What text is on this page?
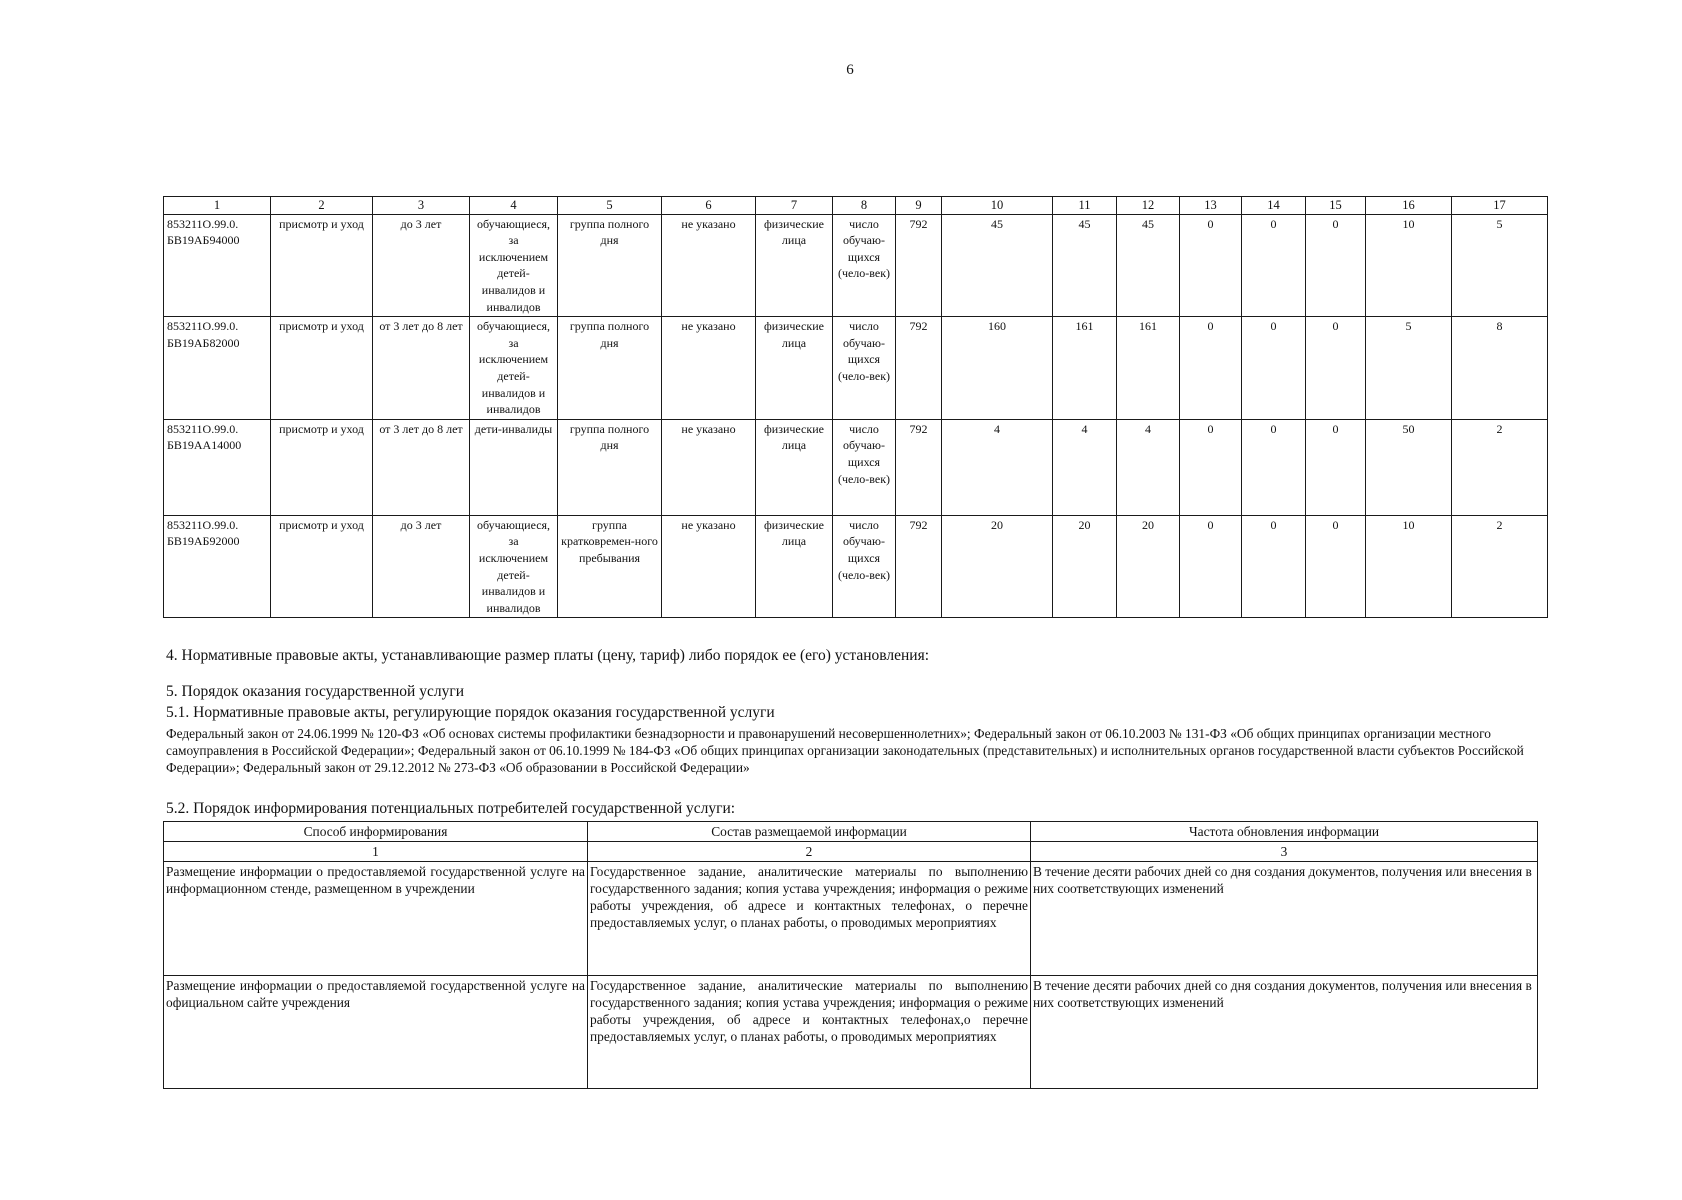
6
1	2	3	4	5	6	7	8	9	10	11	12	13	14	15	16	17
853211О.99.0. БВ19АБ94000	присмотр и уход	до 3 лет	обучающиеся, за исключением детей-инвалидов и инвалидов	группа полного дня	не указано	физические лица	число обучаю-щихся (чело-век)	792	45	45	45	0	0	0	10	5
853211О.99.0. БВ19АБ82000	присмотр и уход	от 3 лет до 8 лет	обучающиеся, за исключением детей-инвалидов и инвалидов	группа полного дня	не указано	физические лица	число обучаю-щихся (чело-век)	792	160	161	161	0	0	0	5	8
853211О.99.0. БВ19АА14000	присмотр и уход	от 3 лет до 8 лет	дети-инвалиды	группа полного дня	не указано	физические лица	число обучаю-щихся (чело-век)	792	4	4	4	0	0	0	50	2
853211О.99.0. БВ19АБ92000	присмотр и уход	до 3 лет	обучающиеся, за исключением детей-инвалидов и инвалидов	группа кратковремен-ного пребывания	не указано	физические лица	число обучаю-щихся (чело-век)	792	20	20	20	0	0	0	10	2
4. Нормативные правовые акты, устанавливающие размер платы (цену, тариф) либо порядок ее (его) установления:
5. Порядок оказания государственной услуги
5.1. Нормативные правовые акты, регулирующие порядок оказания государственной услуги
Федеральный закон от 24.06.1999 № 120-ФЗ «Об основах системы профилактики безнадзорности и правонарушений несовершеннолетних»; Федеральный закон от 06.10.2003 № 131-ФЗ «Об общих принципах организации местного самоуправления в Российской Федерации»; Федеральный закон от 06.10.1999 № 184-ФЗ «Об общих принципах организации законодательных (представительных) и исполнительных органов государственной власти субъектов Российской Федерации»; Федеральный закон от 29.12.2012 № 273-ФЗ «Об образовании в Российской Федерации»
5.2. Порядок информирования потенциальных потребителей государственной услуги:
Способ информирования	Состав размещаемой информации	Частота обновления информации
1	2	3
Размещение информации о предоставляемой государственной услуге на информационном стенде, размещенном в учреждении	Государственное задание, аналитические материалы по выполнению государственного задания; копия устава учреждения; информация о режиме работы учреждения, об адресе и контактных телефонах, о перечне предоставляемых услуг, о планах работы, о проводимых мероприятиях	В течение десяти рабочих дней со дня создания документов, получения или внесения в них соответствующих изменений
Размещение информации о предоставляемой государственной услуге на официальном сайте учреждения	Государственное задание, аналитические материалы по выполнению государственного задания; копия устава учреждения; информация о режиме работы учреждения, об адресе и контактных телефонах,о перечне предоставляемых услуг, о планах работы, о проводимых мероприятиях	В течение десяти рабочих дней со дня создания документов, получения или внесения в них соответствующих изменений
